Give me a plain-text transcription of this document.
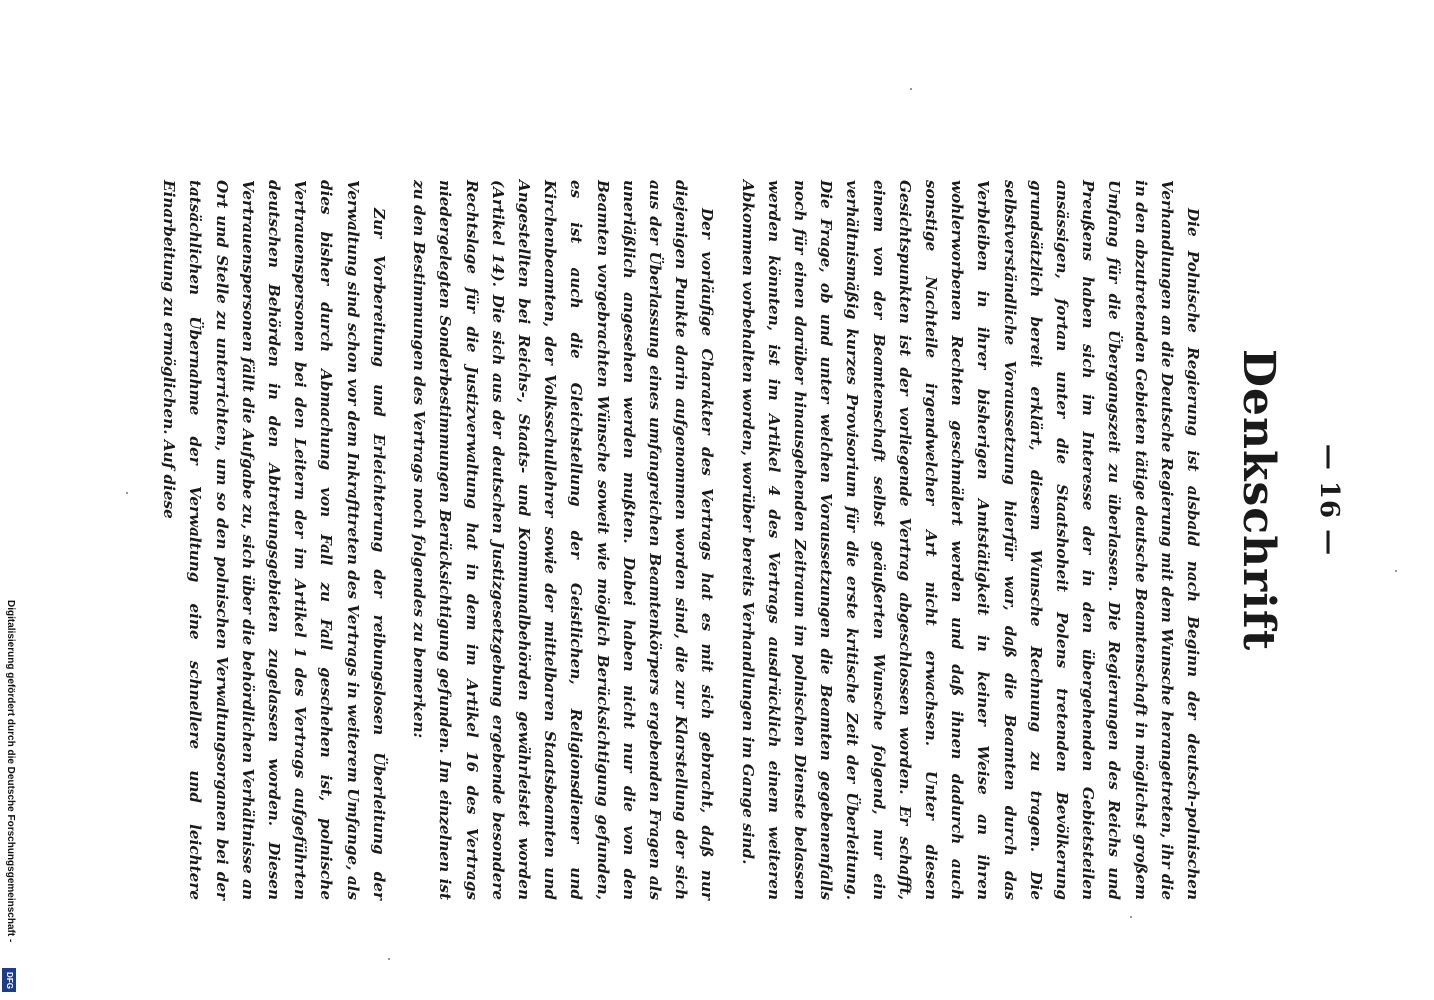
— 16 —
Denkschrift

Die Polnische Regierung ist alsbald nach Beginn der deutsch-polnischen Verhandlungen an die Deutsche Regierung mit dem Wunsche herangetreten, ihr die in den abzutretenden Gebieten tätige deutsche Beamtenschaft in möglichst großem Umfang für die Übergangszeit zu überlassen. Die Regierungen des Reichs und Preußens haben sich im Interesse der in den übergehenden Gebietsteilen ansässigen, fortan unter die Staatshoheit Polens tretenden Bevölkerung grundsätzlich bereit erklärt, diesem Wunsche Rechnung zu tragen. Die selbstverständliche Voraussetzung hierfür war, daß die Beamten durch das Verbleiben in ihrer bisherigen Amtstätigkeit in keiner Weise an ihren wohlerworbenen Rechten geschmälert werden und daß ihnen dadurch auch sonstige Nachteile irgendwelcher Art nicht erwachsen. Unter diesen Gesichtspunkten ist der vorliegende Vertrag abgeschlossen worden. Er schafft, einem von der Beamtenschaft selbst geäußerten Wunsche folgend, nur ein verhältnismäßig kurzes Provisorium für die erste kritische Zeit der Überleitung. Die Frage, ob und unter welchen Voraussetzungen die Beamten gegebenenfalls noch für einen darüber hinausgehenden Zeitraum im polnischen Dienste belassen werden könnten, ist im Artikel 4 des Vertrags ausdrücklich einem weiteren Abkommen vorbehalten worden, worüber bereits Verhandlungen im Gange sind.

Der vorläufige Charakter des Vertrags hat es mit sich gebracht, daß nur diejenigen Punkte darin aufgenommen worden sind, die zur Klarstellung der sich aus der Überlassung eines umfangreichen Beamtenkörpers ergebenden Fragen als unerläßlich angesehen werden mußten. Dabei haben nicht nur die von den Beamten vorgebrachten Wünsche soweit wie möglich Berücksichtigung gefunden, es ist auch die Gleichstellung der Geistlichen, Religionsdiener und Kirchenbeamten, der Volksschullehrer sowie der mittelbaren Staatsbeamten und Angestellten bei Reichs-, Staats- und Kommunalbehörden gewährleistet worden (Artikel 14). Die sich aus der deutschen Justizgesetzgebung ergebende besondere Rechtslage für die Justizverwaltung hat in dem im Artikel 16 des Vertrags niedergelegten Sonderbestimmungen Berücksichtigung gefunden. Im einzelnen ist zu den Bestimmungen des Vertrags noch folgendes zu bemerken:

Zur Vorbereitung und Erleichterung der reibungslosen Überleitung der Verwaltung sind schon vor dem Inkrafttreten des Vertrags in weiterem Umfange, als dies bisher durch Abmachung von Fall zu Fall geschehen ist, polnische Vertrauenspersonen bei den Leitern der im Artikel 1 des Vertrags aufgeführten deutschen Behörden in den Abtretungsgebieten zugelassen worden. Diesen Vertrauenspersonen fällt die Aufgabe zu, sich über die behördlichen Verhältnisse an Ort und Stelle zu unterrichten, um so den polnischen Verwaltungsorganen bei der tatsächlichen Übernahme der Verwaltung eine schnellere und leichtere Einarbeitung zu ermöglichen. Auf diese

Digitalisierung gefördert durch die Deutsche Forschungsgemeinschaft -
DFG
